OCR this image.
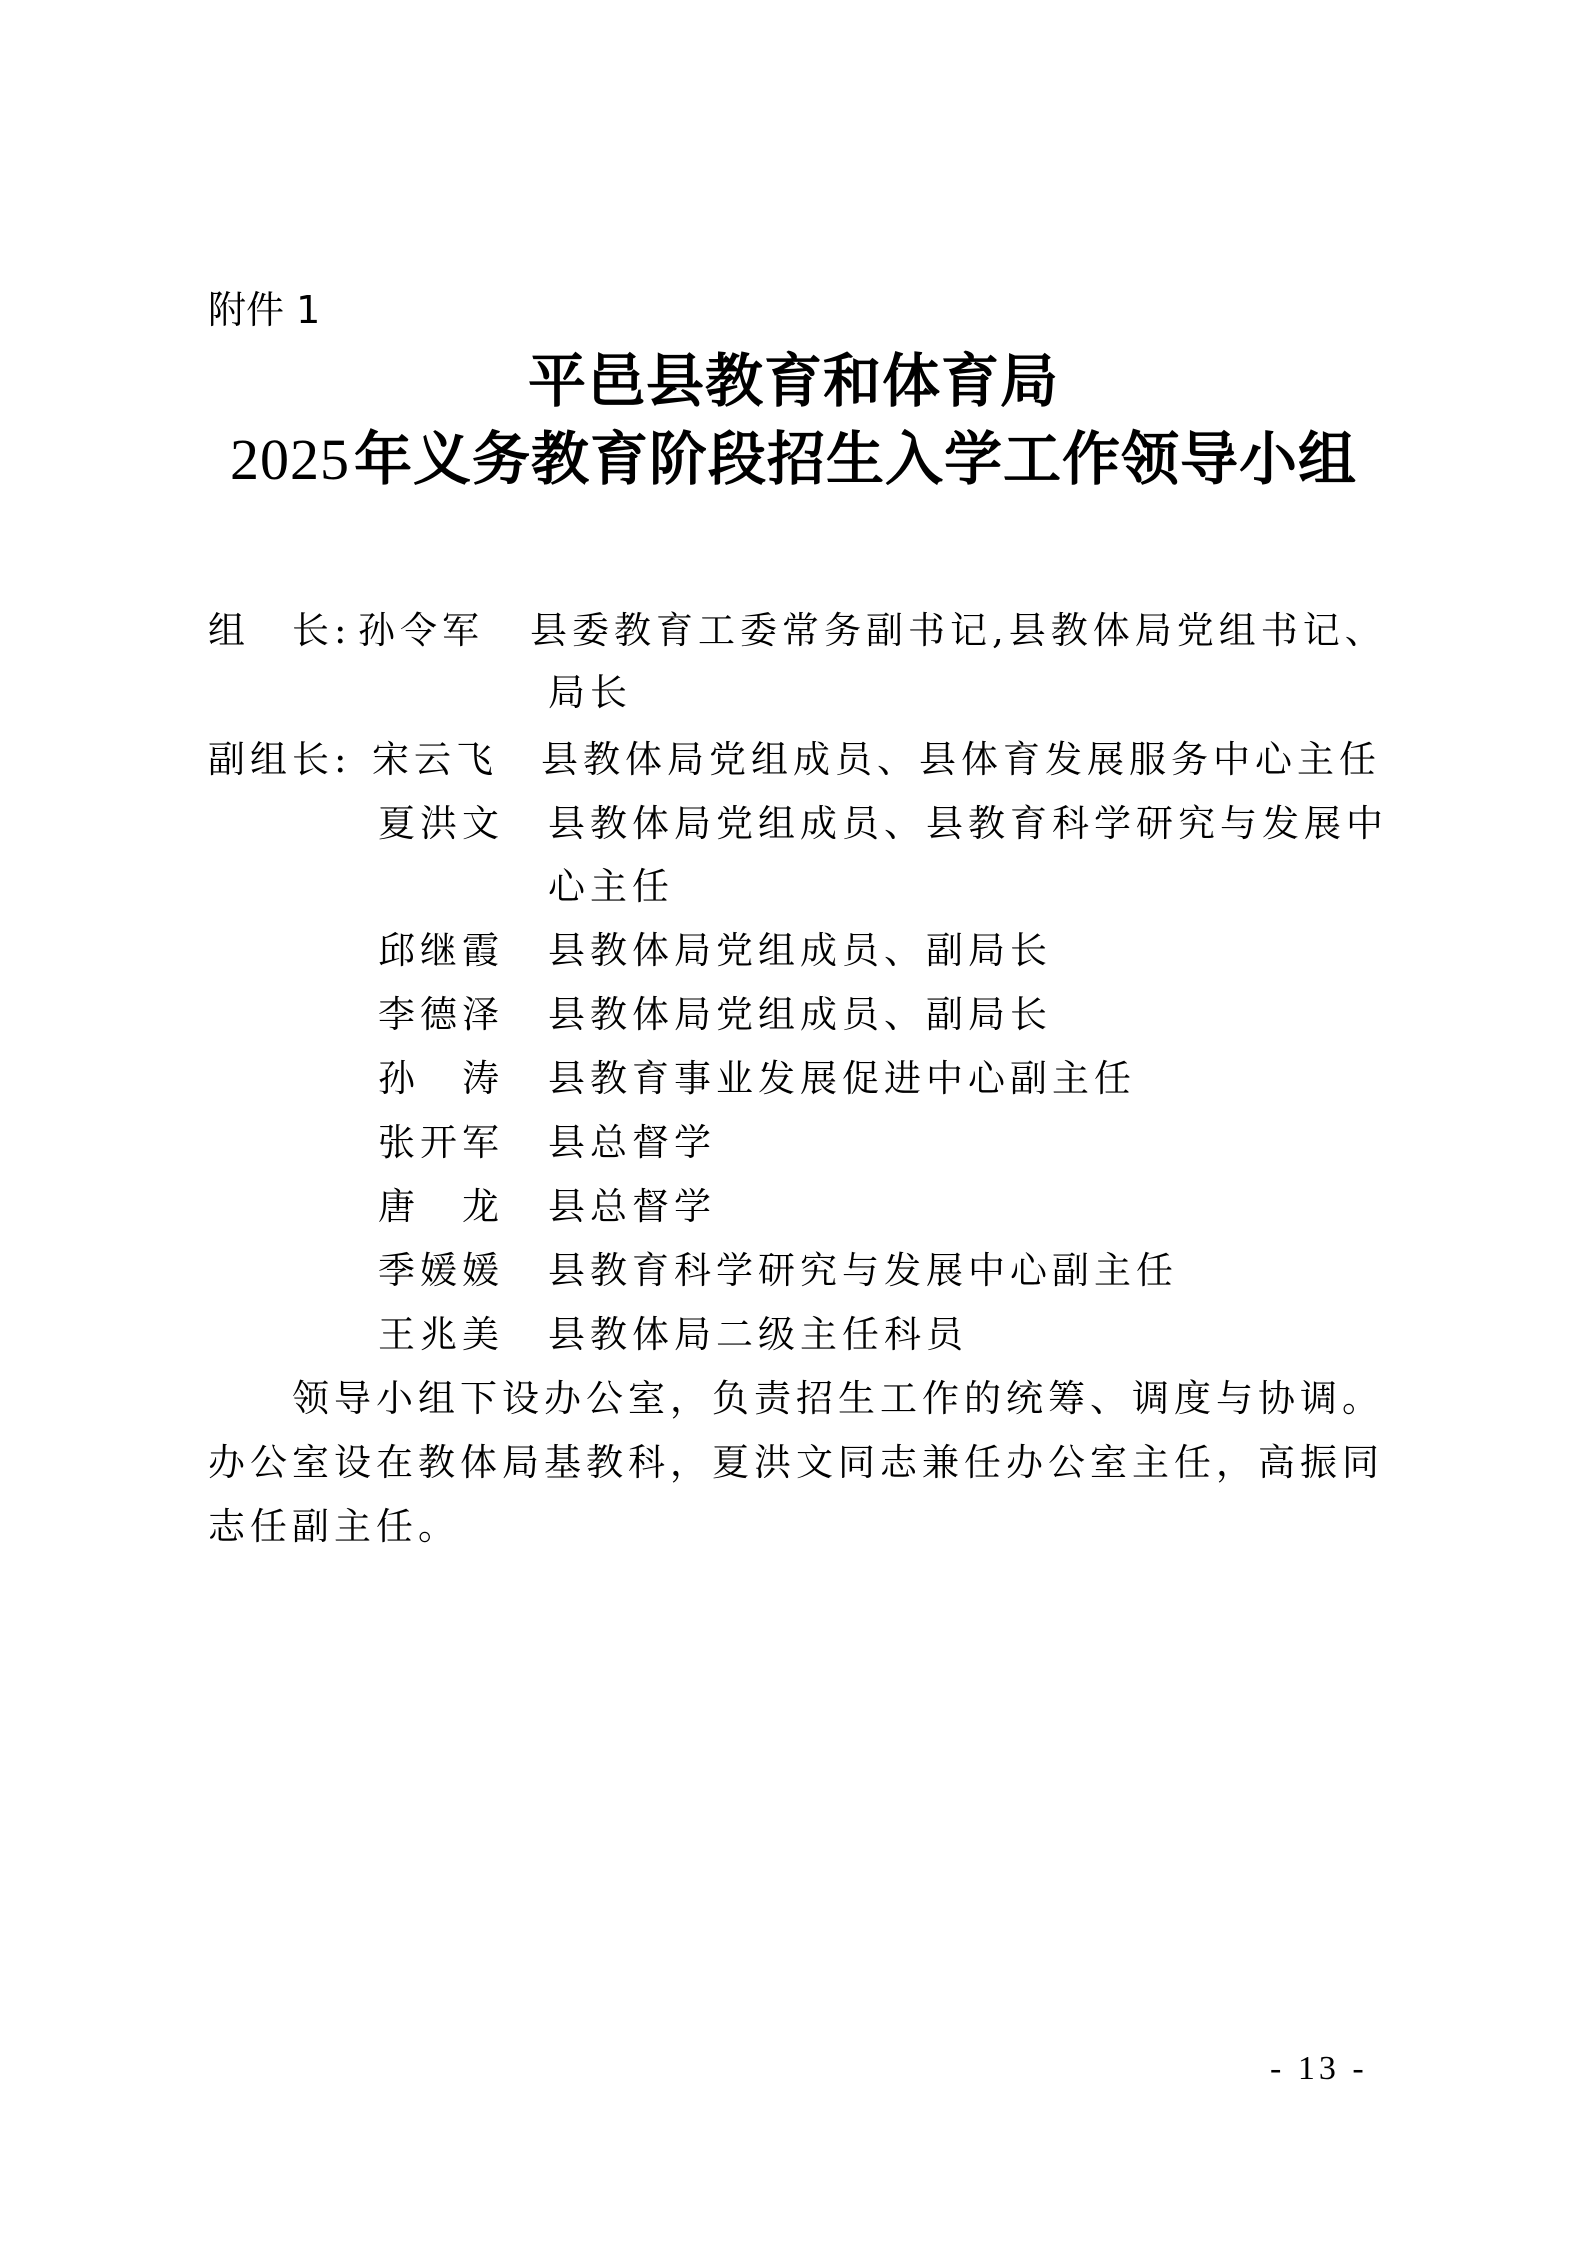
附件 1
平邑县教育和体育局
2025年义务教育阶段招生入学工作领导小组
组　长: 孙令军 县委教育工委常务副书记,县教体局党组书记、
局长
副组长: 宋云飞 县教体局党组成员、县体育发展服务中心主任
夏洪文 县教体局党组成员、县教育科学研究与发展中
心主任
邱继霞 县教体局党组成员、副局长
李德泽 县教体局党组成员、副局长
孙　涛 县教育事业发展促进中心副主任
张开军 县总督学
唐　龙 县总督学
季媛媛 县教育科学研究与发展中心副主任
王兆美 县教体局二级主任科员
　　领导小组下设办公室，负责招生工作的统筹、调度与协调。
办公室设在教体局基教科，夏洪文同志兼任办公室主任，高振同
志任副主任。
- 13 -
